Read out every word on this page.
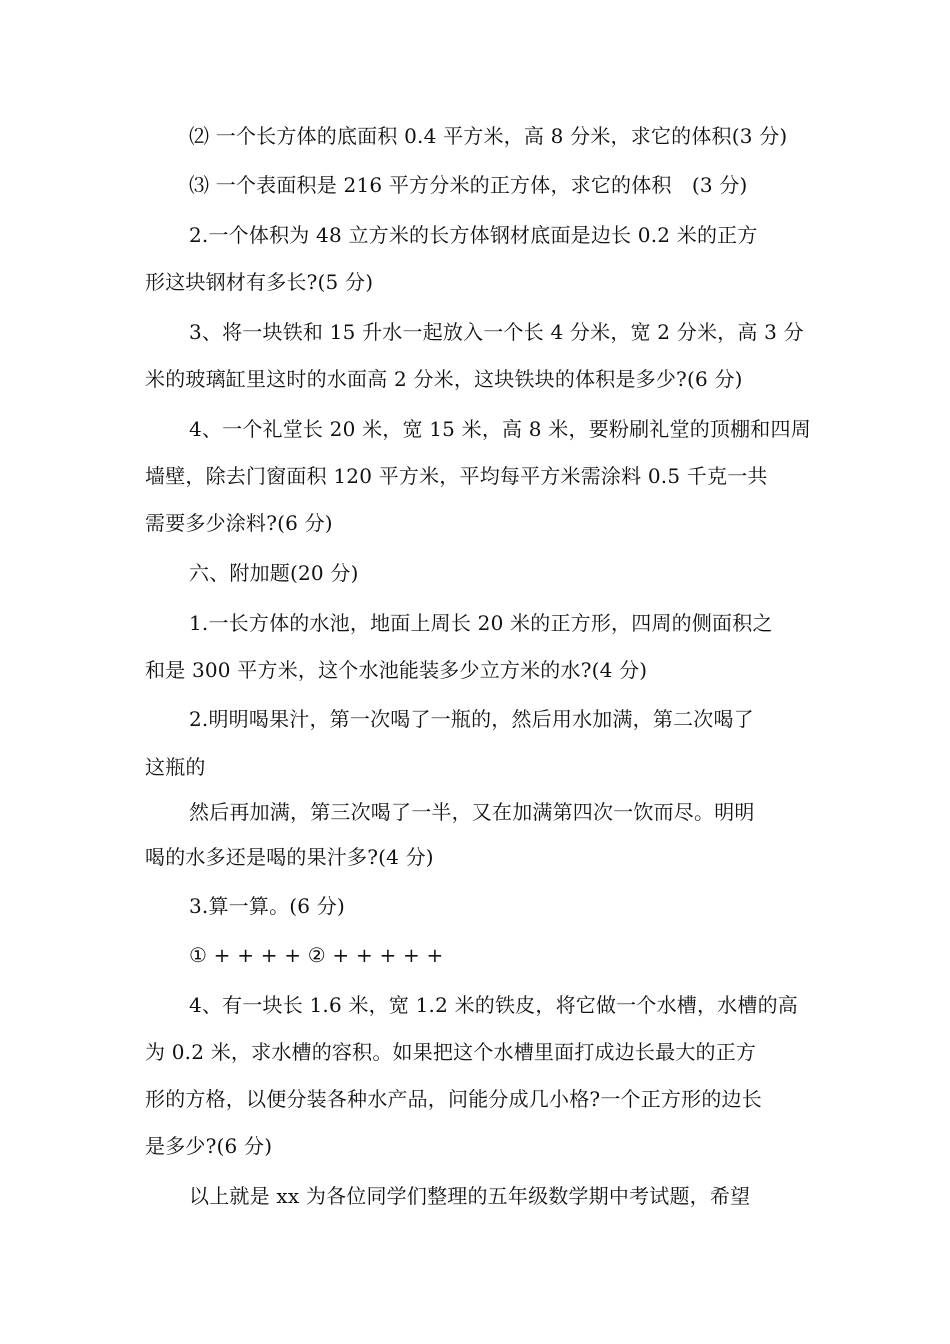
⑵ 一个长方体的底面积 0.4 平方米，高 8 分米，求它的体积(3 分)
⑶ 一个表面积是 216 平方分米的正方体，求它的体积　(3 分)
2.一个体积为 48 立方米的长方体钢材底面是边长 0.2 米的正方
形这块钢材有多长?(5 分)
3、将一块铁和 15 升水一起放入一个长 4 分米，宽 2 分米，高 3 分
米的玻璃缸里这时的水面高 2 分米，这块铁块的体积是多少?(6 分)
4、一个礼堂长 20 米，宽 15 米，高 8 米，要粉刷礼堂的顶棚和四周
墙壁，除去门窗面积 120 平方米，平均每平方米需涂料 0.5 千克一共
需要多少涂料?(6 分)
六、附加题(20 分)
1.一长方体的水池，地面上周长 20 米的正方形，四周的侧面积之
和是 300 平方米，这个水池能装多少立方米的水?(4 分)
2.明明喝果汁，第一次喝了一瓶的，然后用水加满，第二次喝了
这瓶的
然后再加满，第三次喝了一半，又在加满第四次一饮而尽。明明
喝的水多还是喝的果汁多?(4 分)
3.算一算。(6 分)
① + + + + ② + + + + +
4、有一块长 1.6 米，宽 1.2 米的铁皮，将它做一个水槽，水槽的高
为 0.2 米，求水槽的容积。如果把这个水槽里面打成边长最大的正方
形的方格，以便分装各种水产品，问能分成几小格?一个正方形的边长
是多少?(6 分)
以上就是 xx 为各位同学们整理的五年级数学期中考试题，希望
